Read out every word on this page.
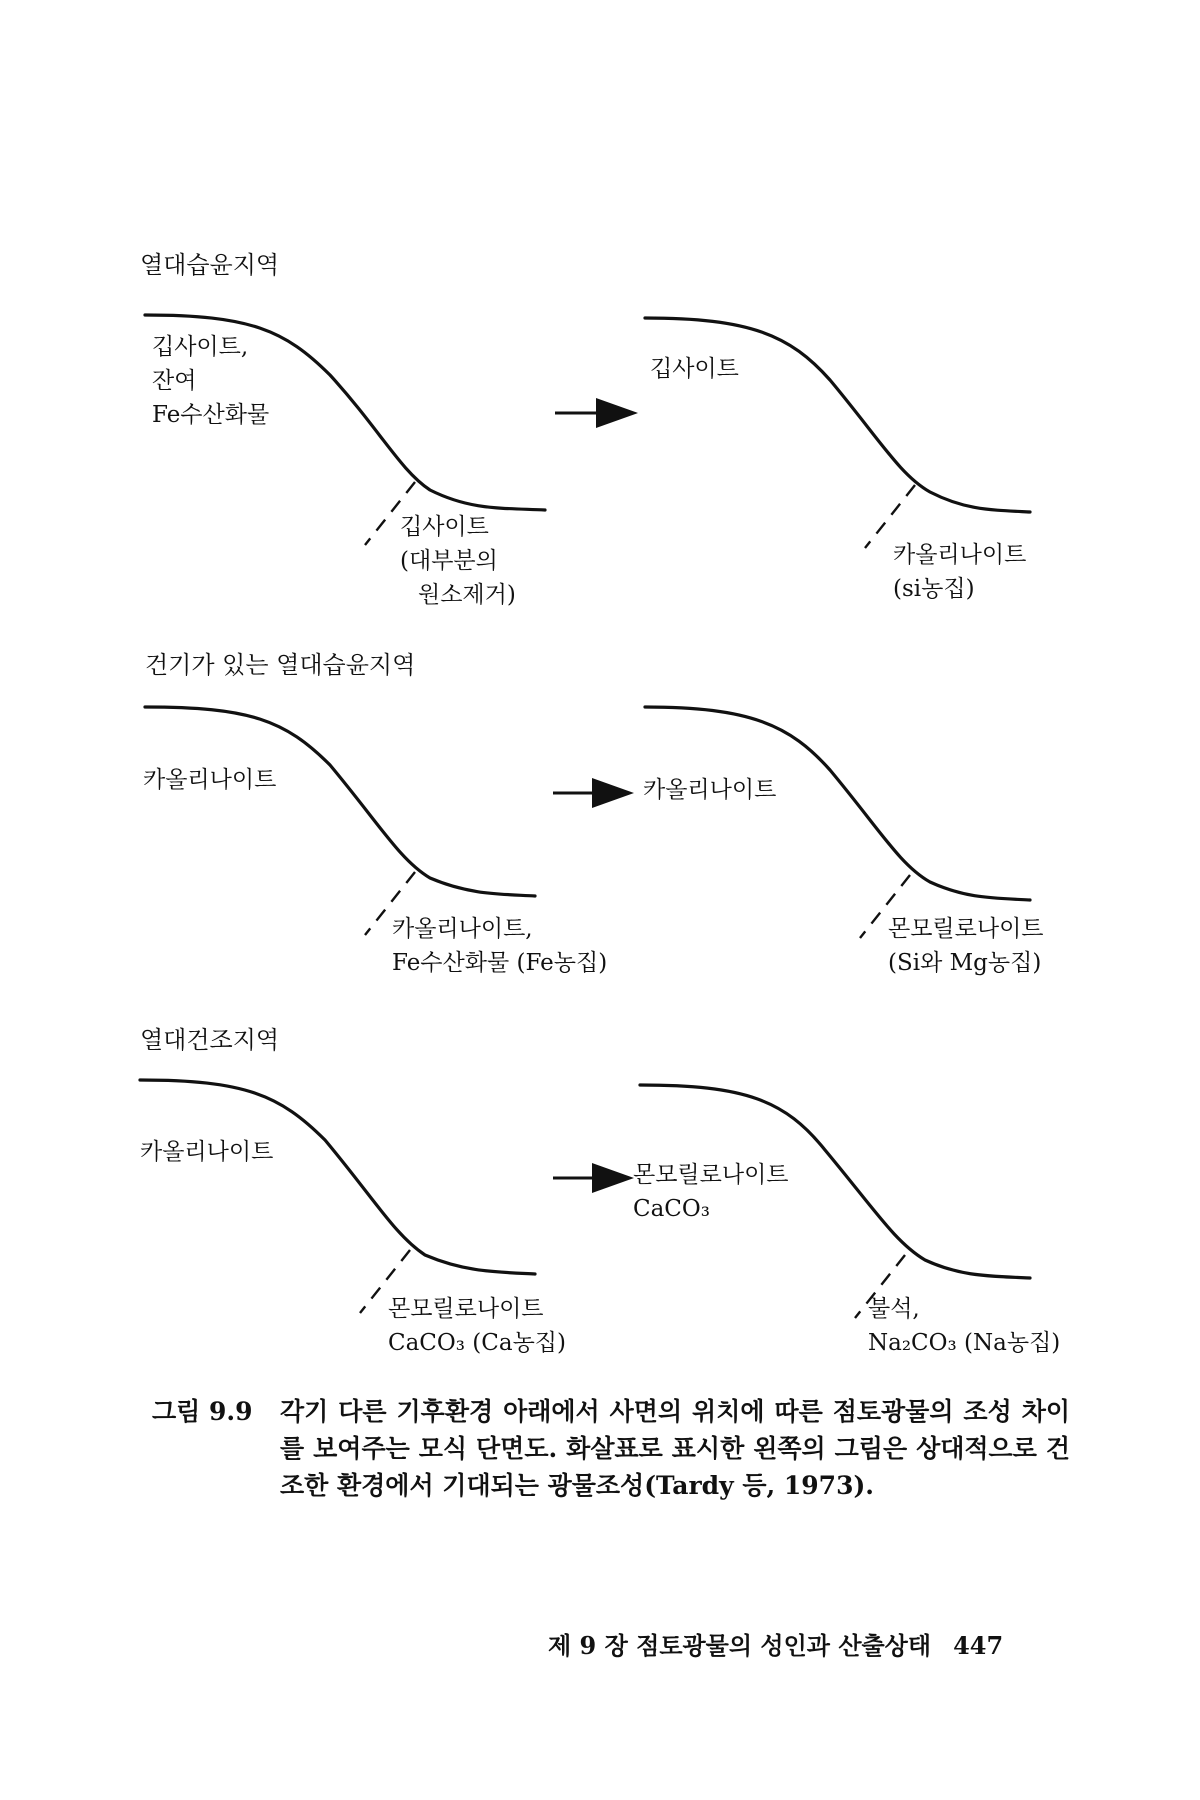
열대습윤지역
깁사이트,
잔여
Fe수산화물
깁사이트
(대부분의
원소제거)
깁사이트
카올리나이트
(si농집)
건기가 있는 열대습윤지역
카올리나이트
카올리나이트,
Fe수산화물 (Fe농집)
카올리나이트
몬모릴로나이트
(Si와 Mg농집)
열대건조지역
카올리나이트
몬모릴로나이트
CaCO₃ (Ca농집)
몬모릴로나이트
CaCO₃
불석,
Na₂CO₃ (Na농집)
그림 9.9 각기 다른 기후환경 아래에서 사면의 위치에 따른 점토광물의 조성 차이를 보여주는 모식 단면도. 화살표로 표시한 왼쪽의 그림은 상대적으로 건조한 환경에서 기대되는 광물조성(Tardy 등, 1973).
제 9 장 점토광물의 성인과 산출상태 447
